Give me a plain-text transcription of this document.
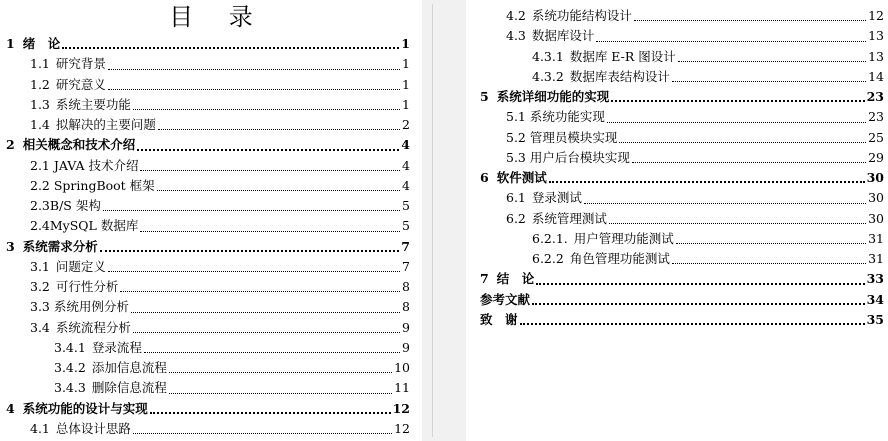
目 录
1 绪　论	1
1.1 研究背景	1
1.2 研究意义	1
1.3 系统主要功能	1
1.4 拟解决的主要问题	2
2 相关概念和技术介绍	4
2.1 JAVA 技术介绍	4
2.2 SpringBoot 框架	4
2.3B/S 架构	5
2.4MySQL 数据库	5
3 系统需求分析	7
3.1 问题定义	7
3.2 可行性分析	8
3.3 系统用例分析	8
3.4 系统流程分析	9
3.4.1 登录流程	9
3.4.2 添加信息流程	10
3.4.3 删除信息流程	11
4 系统功能的设计与实现	12
4.1 总体设计思路	12
4.2 系统功能结构设计	12
4.3 数据库设计	13
4.3.1 数据库 E-R 图设计	13
4.3.2 数据库表结构设计	14
5 系统详细功能的实现	23
5.1 系统功能实现	23
5.2 管理员模块实现	25
5.3 用户后台模块实现	29
6 软件测试	30
6.1 登录测试	30
6.2 系统管理测试	30
6.2.1. 用户管理功能测试	31
6.2.2 角色管理功能测试	31
7 结　论	33
参考文献	34
致　谢	35
